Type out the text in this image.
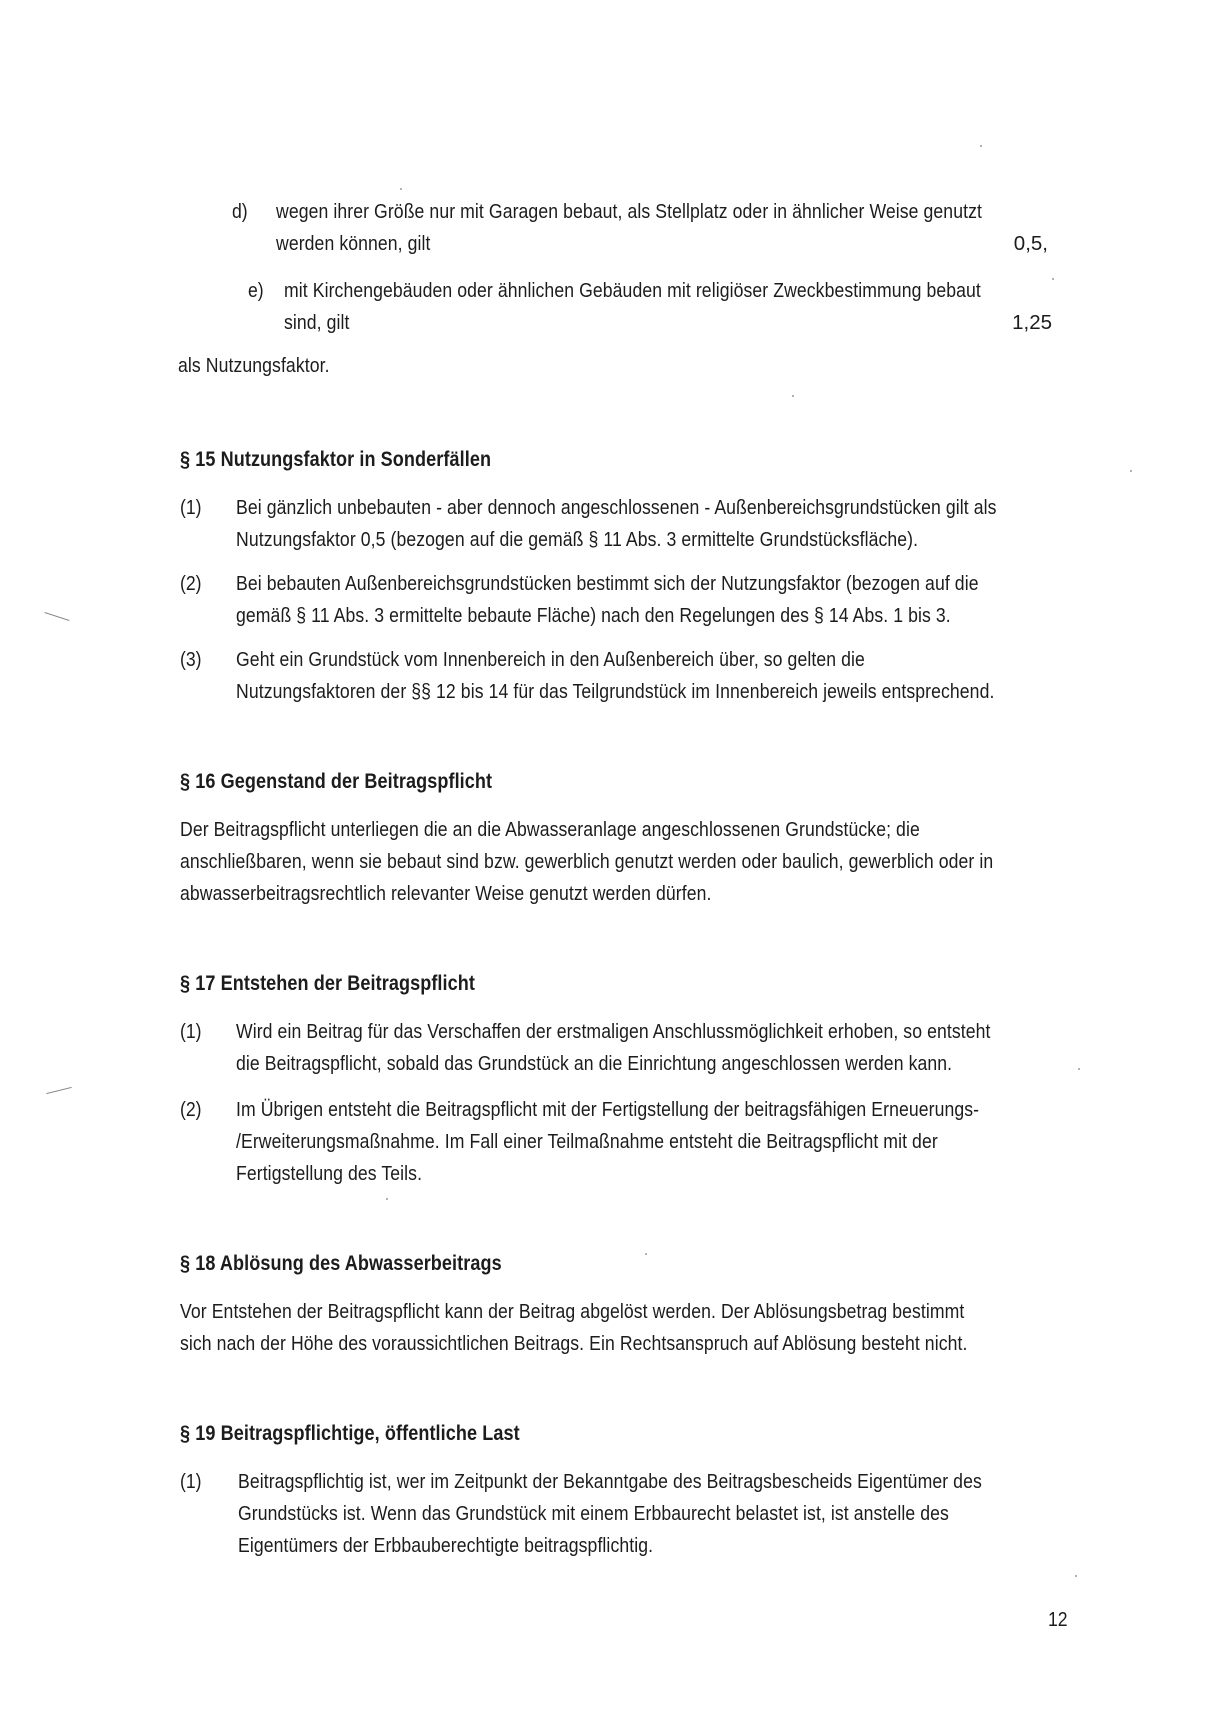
d) wegen ihrer Größe nur mit Garagen bebaut, als Stellplatz oder in ähnlicher Weise genutzt
werden können, gilt	0,5,
e) mit Kirchengebäuden oder ähnlichen Gebäuden mit religiöser Zweckbestimmung bebaut
sind, gilt	1,25
als Nutzungsfaktor.
§ 15 Nutzungsfaktor in Sonderfällen
(1) Bei gänzlich unbebauten - aber dennoch angeschlossenen - Außenbereichsgrundstücken gilt als
Nutzungsfaktor 0,5 (bezogen auf die gemäß § 11 Abs. 3 ermittelte Grundstücksfläche).
(2) Bei bebauten Außenbereichsgrundstücken bestimmt sich der Nutzungsfaktor (bezogen auf die
gemäß § 11 Abs. 3 ermittelte bebaute Fläche) nach den Regelungen des § 14 Abs. 1 bis 3.
(3) Geht ein Grundstück vom Innenbereich in den Außenbereich über, so gelten die
Nutzungsfaktoren der §§ 12 bis 14 für das Teilgrundstück im Innenbereich jeweils entsprechend.
§ 16 Gegenstand der Beitragspflicht
Der Beitragspflicht unterliegen die an die Abwasseranlage angeschlossenen Grundstücke; die
anschließbaren, wenn sie bebaut sind bzw. gewerblich genutzt werden oder baulich, gewerblich oder in
abwasserbeitragsrechtlich relevanter Weise genutzt werden dürfen.
§ 17 Entstehen der Beitragspflicht
(1) Wird ein Beitrag für das Verschaffen der erstmaligen Anschlussmöglichkeit erhoben, so entsteht
die Beitragspflicht, sobald das Grundstück an die Einrichtung angeschlossen werden kann.
(2) Im Übrigen entsteht die Beitragspflicht mit der Fertigstellung der beitragsfähigen Erneuerungs-
/Erweiterungsmaßnahme. Im Fall einer Teilmaßnahme entsteht die Beitragspflicht mit der
Fertigstellung des Teils.
§ 18 Ablösung des Abwasserbeitrags
Vor Entstehen der Beitragspflicht kann der Beitrag abgelöst werden. Der Ablösungsbetrag bestimmt
sich nach der Höhe des voraussichtlichen Beitrags. Ein Rechtsanspruch auf Ablösung besteht nicht.
§ 19 Beitragspflichtige, öffentliche Last
(1) Beitragspflichtig ist, wer im Zeitpunkt der Bekanntgabe des Beitragsbescheids Eigentümer des
Grundstücks ist. Wenn das Grundstück mit einem Erbbaurecht belastet ist, ist anstelle des
Eigentümers der Erbbauberechtigte beitragspflichtig.
12
